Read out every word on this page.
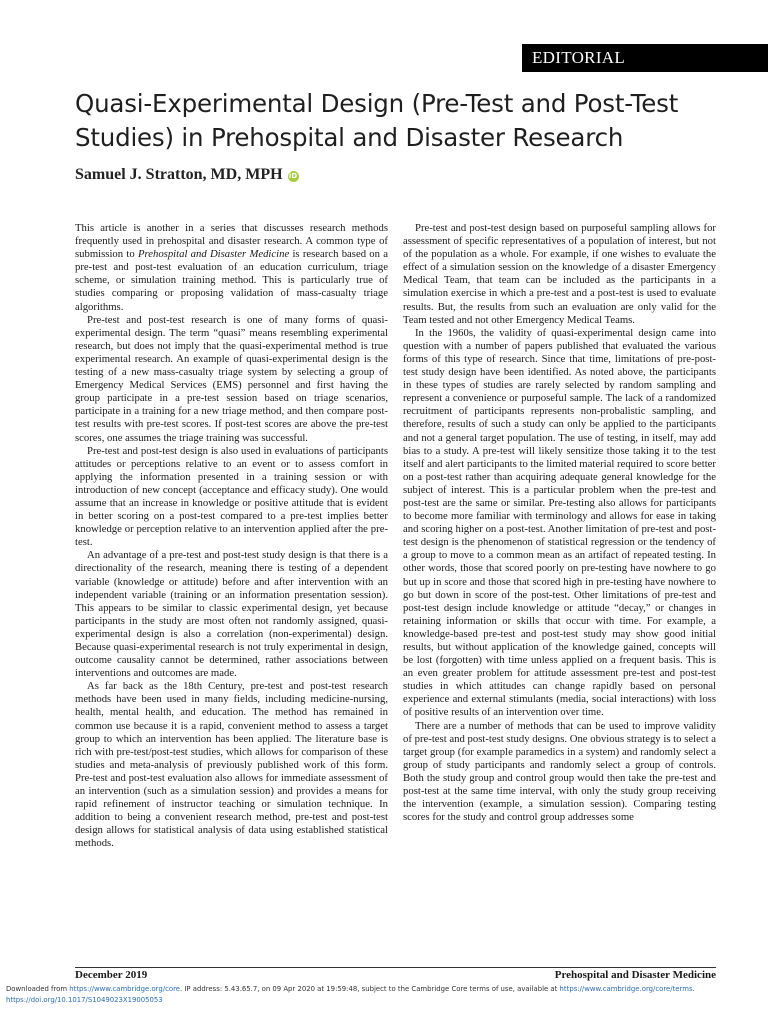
EDITORIAL
Quasi-Experimental Design (Pre-Test and Post-Test Studies) in Prehospital and Disaster Research

Samuel J. Stratton, MD, MPH iD

This article is another in a series that discusses research methods frequently used in prehospital and disaster research. A common type of submission to Prehospital and Disaster Medicine is research based on a pre-test and post-test evaluation of an education curriculum, triage scheme, or simulation training method. This is particularly true of studies comparing or proposing validation of mass-casualty triage algorithms.

Pre-test and post-test research is one of many forms of quasi-experimental design. The term “quasi” means resembling experimental research, but does not imply that the quasi-experimental method is true experimental research. An example of quasi-experimental design is the testing of a new mass-casualty triage system by selecting a group of Emergency Medical Services (EMS) personnel and first having the group participate in a pre-test session based on triage scenarios, participate in a training for a new triage method, and then compare post-test results with pre-test scores. If post-test scores are above the pre-test scores, one assumes the triage training was successful.

Pre-test and post-test design is also used in evaluations of participants attitudes or perceptions relative to an event or to assess comfort in applying the information presented in a training session or with introduction of new concept (acceptance and efficacy study). One would assume that an increase in knowledge or positive attitude that is evident in better scoring on a post-test compared to a pre-test implies better knowledge or perception relative to an intervention applied after the pre-test.

An advantage of a pre-test and post-test study design is that there is a directionality of the research, meaning there is testing of a dependent variable (knowledge or attitude) before and after intervention with an independent variable (training or an information presentation session). This appears to be similar to classic experimental design, yet because participants in the study are most often not randomly assigned, quasi-experimental design is also a correlation (non-experimental) design. Because quasi-experimental research is not truly experimental in design, outcome causality cannot be determined, rather associations between interventions and outcomes are made.

As far back as the 18th Century, pre-test and post-test research methods have been used in many fields, including medicine-nursing, health, mental health, and education. The method has remained in common use because it is a rapid, convenient method to assess a target group to which an intervention has been applied. The literature base is rich with pre-test/post-test studies, which allows for comparison of these studies and meta-analysis of previously published work of this form. Pre-test and post-test evaluation also allows for immediate assessment of an intervention (such as a simulation session) and provides a means for rapid refinement of instructor teaching or simulation technique. In addition to being a convenient research method, pre-test and post-test design allows for statistical analysis of data using established statistical methods.

Pre-test and post-test design based on purposeful sampling allows for assessment of specific representatives of a population of interest, but not of the population as a whole. For example, if one wishes to evaluate the effect of a simulation session on the knowledge of a disaster Emergency Medical Team, that team can be included as the participants in a simulation exercise in which a pre-test and a post-test is used to evaluate results. But, the results from such an evaluation are only valid for the Team tested and not other Emergency Medical Teams.

In the 1960s, the validity of quasi-experimental design came into question with a number of papers published that evaluated the various forms of this type of research. Since that time, limitations of pre-post-test study design have been identified. As noted above, the participants in these types of studies are rarely selected by random sampling and represent a convenience or purposeful sample. The lack of a randomized recruitment of participants represents non-probalistic sampling, and therefore, results of such a study can only be applied to the participants and not a general target population. The use of testing, in itself, may add bias to a study. A pre-test will likely sensitize those taking it to the test itself and alert participants to the limited material required to score better on a post-test rather than acquiring adequate general knowledge for the subject of interest. This is a particular problem when the pre-test and post-test are the same or similar. Pre-testing also allows for participants to become more familiar with terminology and allows for ease in taking and scoring higher on a post-test. Another limitation of pre-test and post-test design is the phenomenon of statistical regression or the tendency of a group to move to a common mean as an artifact of repeated testing. In other words, those that scored poorly on pre-testing have nowhere to go but up in score and those that scored high in pre-testing have nowhere to go but down in score of the post-test. Other limitations of pre-test and post-test design include knowledge or attitude “decay,” or changes in retaining information or skills that occur with time. For example, a knowledge-based pre-test and post-test study may show good initial results, but without application of the knowledge gained, concepts will be lost (forgotten) with time unless applied on a frequent basis. This is an even greater problem for attitude assessment pre-test and post-test studies in which attitudes can change rapidly based on personal experience and external stimulants (media, social interactions) with loss of positive results of an intervention over time.

There are a number of methods that can be used to improve validity of pre-test and post-test study designs. One obvious strategy is to select a target group (for example paramedics in a system) and randomly select a group of study participants and randomly select a group of controls. Both the study group and control group would then take the pre-test and post-test at the same time interval, with only the study group receiving the intervention (example, a simulation session). Comparing testing scores for the study and control group addresses some

December 2019	Prehospital and Disaster Medicine
Downloaded from https://www.cambridge.org/core. IP address: 5.43.65.7, on 09 Apr 2020 at 19:59:48, subject to the Cambridge Core terms of use, available at https://www.cambridge.org/core/terms.
https://doi.org/10.1017/S1049023X19005053
